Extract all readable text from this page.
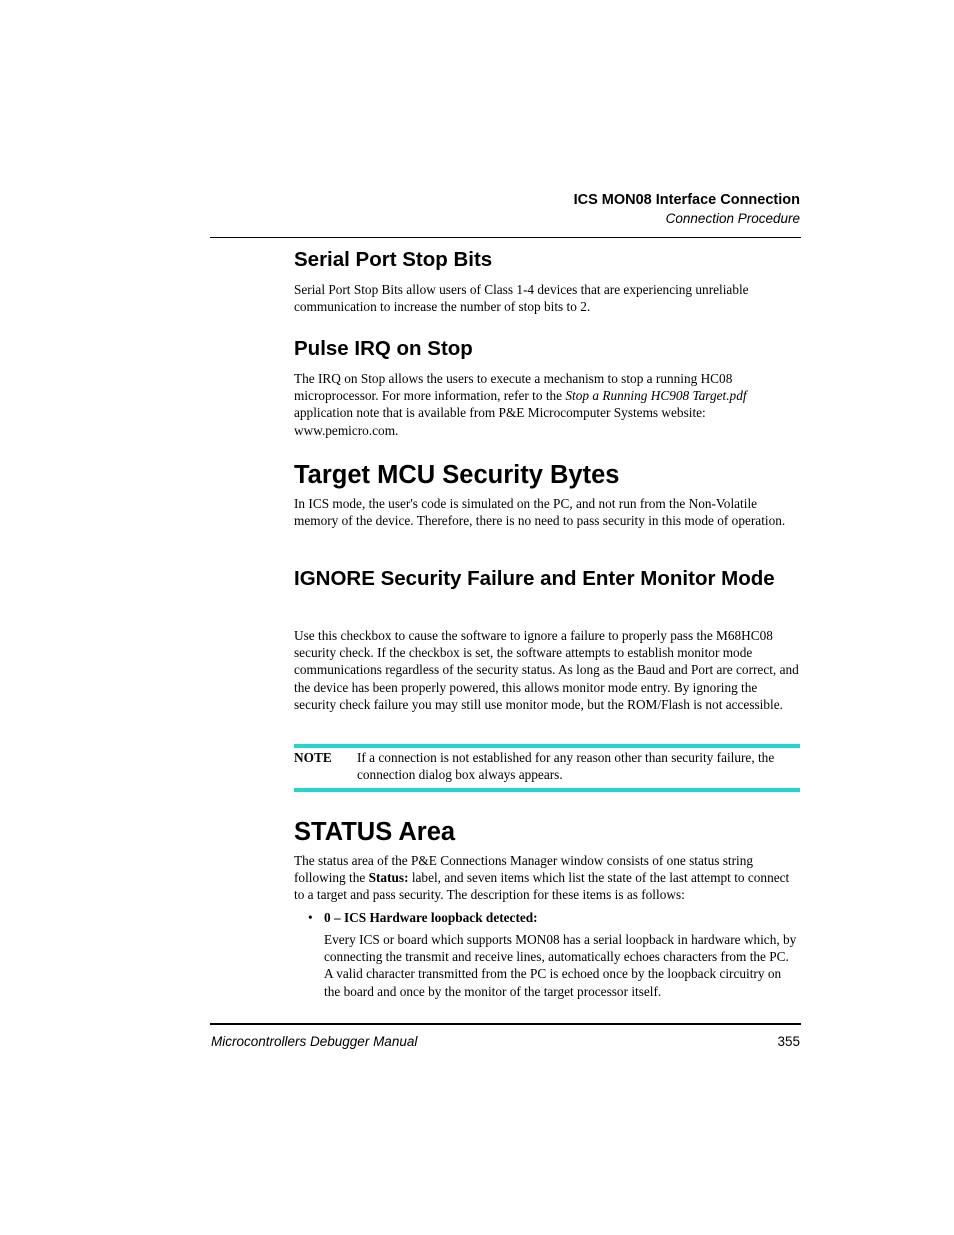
ICS MON08 Interface Connection
Connection Procedure
Serial Port Stop Bits

Serial Port Stop Bits allow users of Class 1-4 devices that are experiencing unreliable communication to increase the number of stop bits to 2.

Pulse IRQ on Stop

The IRQ on Stop allows the users to execute a mechanism to stop a running HC08 microprocessor. For more information, refer to the Stop a Running HC908 Target.pdf application note that is available from P&E Microcomputer Systems website: www.pemicro.com.

Target MCU Security Bytes

In ICS mode, the user's code is simulated on the PC, and not run from the Non-Volatile memory of the device. Therefore, there is no need to pass security in this mode of operation.

IGNORE Security Failure and Enter Monitor Mode

Use this checkbox to cause the software to ignore a failure to properly pass the M68HC08 security check. If the checkbox is set, the software attempts to establish monitor mode communications regardless of the security status. As long as the Baud and Port are correct, and the device has been properly powered, this allows monitor mode entry. By ignoring the security check failure you may still use monitor mode, but the ROM/Flash is not accessible.

NOTE If a connection is not established for any reason other than security failure, the connection dialog box always appears.
STATUS Area

The status area of the P&E Connections Manager window consists of one status string following the Status: label, and seven items which list the state of the last attempt to connect to a target and pass security. The description for these items is as follows:

• 0 – ICS Hardware loopback detected:

Every ICS or board which supports MON08 has a serial loopback in hardware which, by connecting the transmit and receive lines, automatically echoes characters from the PC. A valid character transmitted from the PC is echoed once by the loopback circuitry on the board and once by the monitor of the target processor itself.

Microcontrollers Debugger Manual	355
